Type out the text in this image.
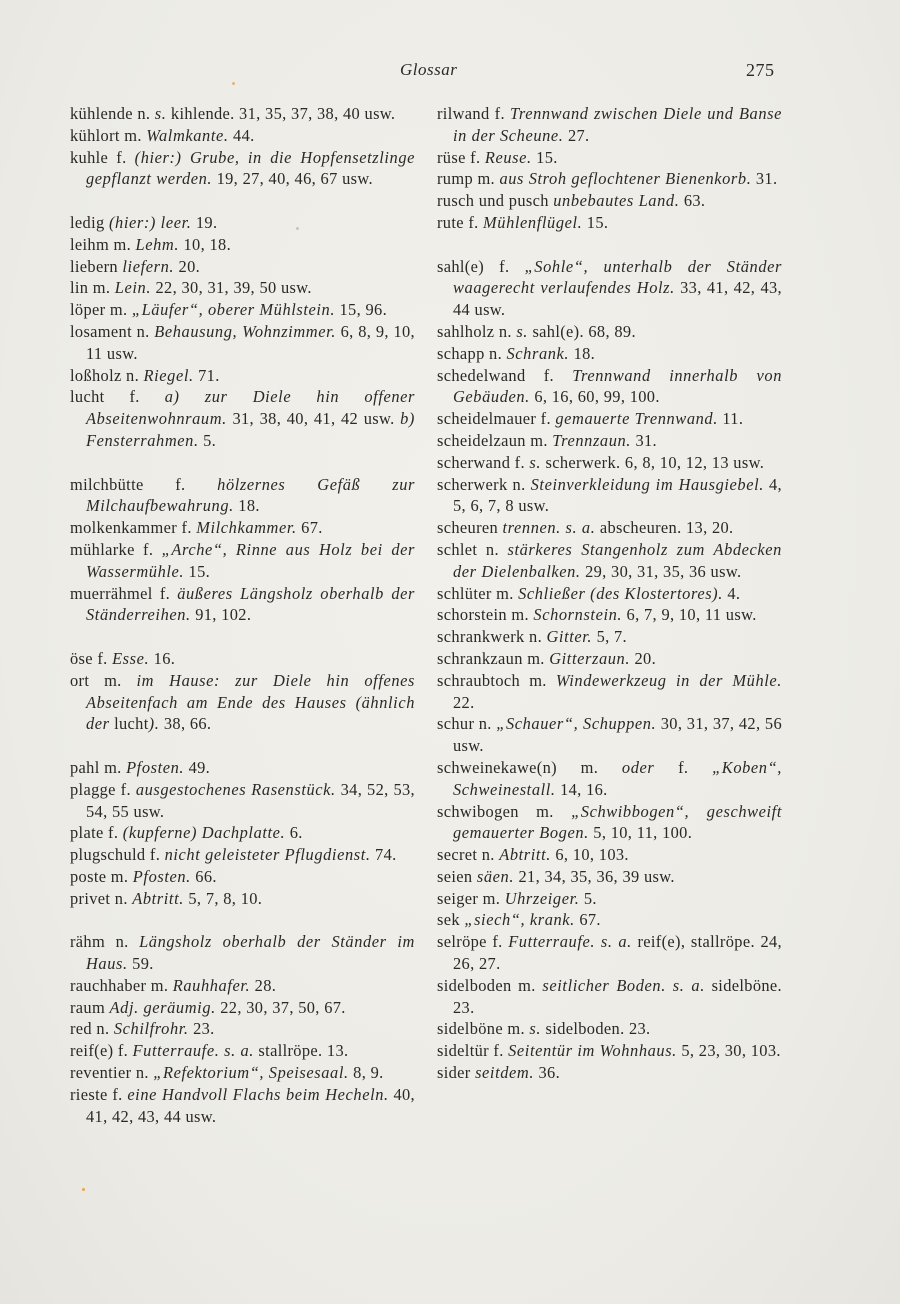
Glossar	275

kühlende n. s. kihlende. 31, 35, 37, 38, 40 usw.

kühlort m. Walmkante. 44.

kuhle f. (hier:) Grube, in die Hopfensetzlinge gepflanzt werden. 19, 27, 40, 46, 67 usw.

ledig (hier:) leer. 19.

leihm m. Lehm. 10, 18.

liebern liefern. 20.

lin m. Lein. 22, 30, 31, 39, 50 usw.

löper m. „Läufer“, oberer Mühlstein. 15, 96.

losament n. Behausung, Wohnzimmer. 6, 8, 9, 10, 11 usw.

loßholz n. Riegel. 71.

lucht f. a) zur Diele hin offener Abseitenwohnraum. 31, 38, 40, 41, 42 usw. b) Fensterrahmen. 5.

milchbütte f. hölzernes Gefäß zur Milchaufbewahrung. 18.

molkenkammer f. Milchkammer. 67.

mühlarke f. „Arche“, Rinne aus Holz bei der Wassermühle. 15.

muerrähmel f. äußeres Längsholz oberhalb der Ständerreihen. 91, 102.

öse f. Esse. 16.

ort m. im Hause: zur Diele hin offenes Abseitenfach am Ende des Hauses (ähnlich der lucht). 38, 66.

pahl m. Pfosten. 49.

plagge f. ausgestochenes Rasenstück. 34, 52, 53, 54, 55 usw.

plate f. (kupferne) Dachplatte. 6.

plugschuld f. nicht geleisteter Pflugdienst. 74.

poste m. Pfosten. 66.

privet n. Abtritt. 5, 7, 8, 10.

rähm n. Längsholz oberhalb der Ständer im Haus. 59.

rauchhaber m. Rauhhafer. 28.

raum Adj. geräumig. 22, 30, 37, 50, 67.

red n. Schilfrohr. 23.

reif(e) f. Futterraufe. s. a. stallröpe. 13.

reventier n. „Refektorium“, Speisesaal. 8, 9.

rieste f. eine Handvoll Flachs beim Hecheln. 40, 41, 42, 43, 44 usw.

rilwand f. Trennwand zwischen Diele und Banse in der Scheune. 27.

rüse f. Reuse. 15.

rump m. aus Stroh geflochtener Bienenkorb. 31.

rusch und pusch unbebautes Land. 63.

rute f. Mühlenflügel. 15.

sahl(e) f. „Sohle“, unterhalb der Ständer waagerecht verlaufendes Holz. 33, 41, 42, 43, 44 usw.

sahlholz n. s. sahl(e). 68, 89.

schapp n. Schrank. 18.

schedelwand f. Trennwand innerhalb von Gebäuden. 6, 16, 60, 99, 100.

scheidelmauer f. gemauerte Trennwand. 11.

scheidelzaun m. Trennzaun. 31.

scherwand f. s. scherwerk. 6, 8, 10, 12, 13 usw.

scherwerk n. Steinverkleidung im Hausgiebel. 4, 5, 6, 7, 8 usw.

scheuren trennen. s. a. abscheuren. 13, 20.

schlet n. stärkeres Stangenholz zum Abdecken der Dielenbalken. 29, 30, 31, 35, 36 usw.

schlüter m. Schließer (des Klostertores). 4.

schorstein m. Schornstein. 6, 7, 9, 10, 11 usw.

schrankwerk n. Gitter. 5, 7.

schrankzaun m. Gitterzaun. 20.

schraubtoch m. Windewerkzeug in der Mühle. 22.

schur n. „Schauer“, Schuppen. 30, 31, 37, 42, 56 usw.

schweinekawe(n) m. oder f. „Koben“, Schweinestall. 14, 16.

schwibogen m. „Schwibbogen“, geschweift gemauerter Bogen. 5, 10, 11, 100.

secret n. Abtritt. 6, 10, 103.

seien säen. 21, 34, 35, 36, 39 usw.

seiger m. Uhrzeiger. 5.

sek „siech“, krank. 67.

selröpe f. Futterraufe. s. a. reif(e), stallröpe. 24, 26, 27.

sidelboden m. seitlicher Boden. s. a. sidelböne. 23.

sidelböne m. s. sidelboden. 23.

sideltür f. Seitentür im Wohnhaus. 5, 23, 30, 103.

sider seitdem. 36.
